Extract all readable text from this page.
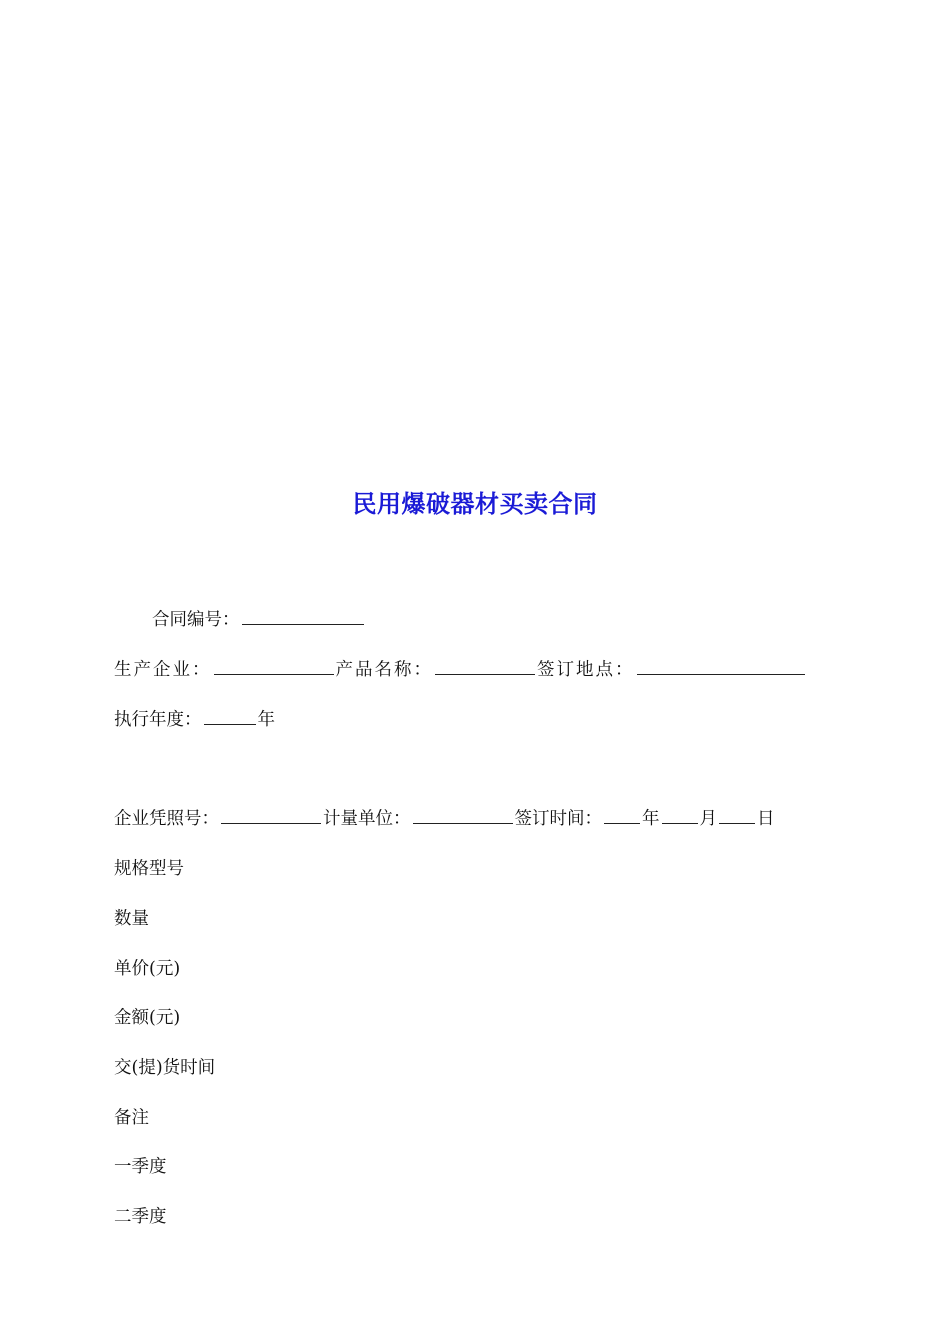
民用爆破器材买卖合同
合同编号：
生产企业：	产品名称：	签订地点：
执行年度：	年
企业凭照号：	计量单位：	签订时间： 年 月 日
规格型号
数量
单价(元)
金额(元)
交(提)货时间
备注
一季度
二季度
